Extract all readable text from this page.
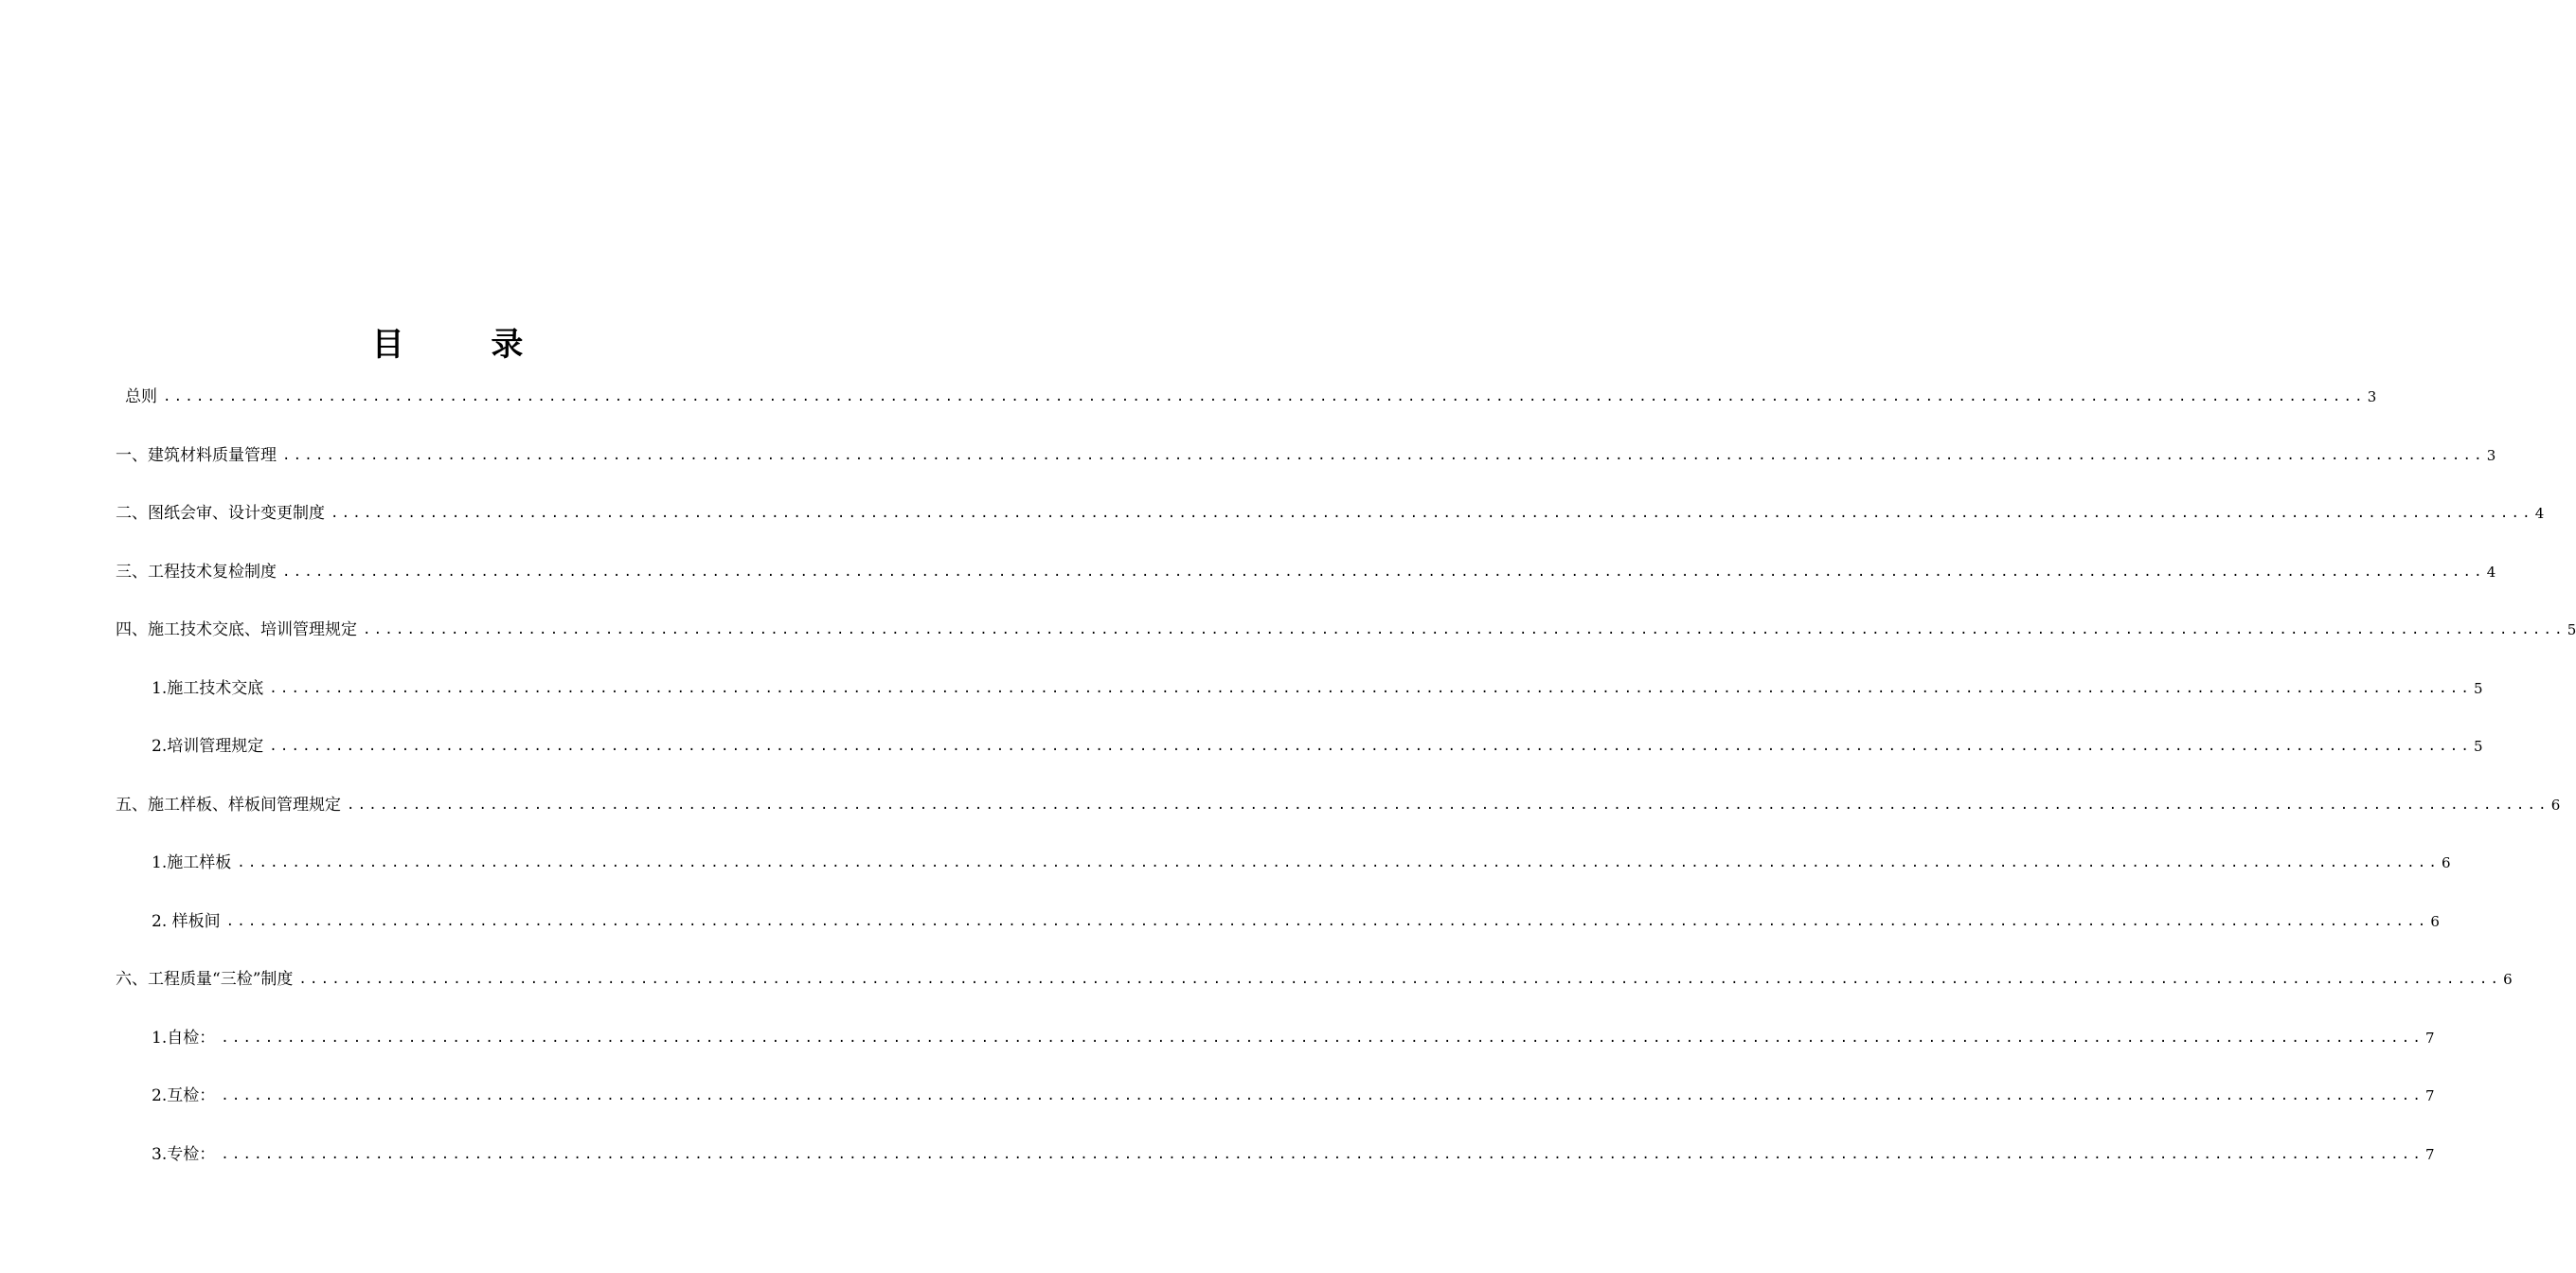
目 录
总则 ........................................................................................................................................................................................................ 3
一、 建筑材料质量管理 ........................................................................................................................................................................................................ 3
二、 图纸会审、设计变更制度 ........................................................................................................................................................................................................ 4
三、 工程技术复检制度 ........................................................................................................................................................................................................ 4
四、 施工技术交底、培训管理规定 ........................................................................................................................................................................................................ 5
1.施工技术交底 ........................................................................................................................................................................................................ 5
2.培训管理规定 ........................................................................................................................................................................................................ 5
五、 施工样板、样板间管理规定 ........................................................................................................................................................................................................ 6
1.施工样板 ........................................................................................................................................................................................................ 6
2. 样板间 ........................................................................................................................................................................................................ 6
六、 工程质量“三检”制度 ........................................................................................................................................................................................................ 6
1.自检： ........................................................................................................................................................................................................ 7
2.互检： ........................................................................................................................................................................................................ 7
3.专检： ........................................................................................................................................................................................................ 7
